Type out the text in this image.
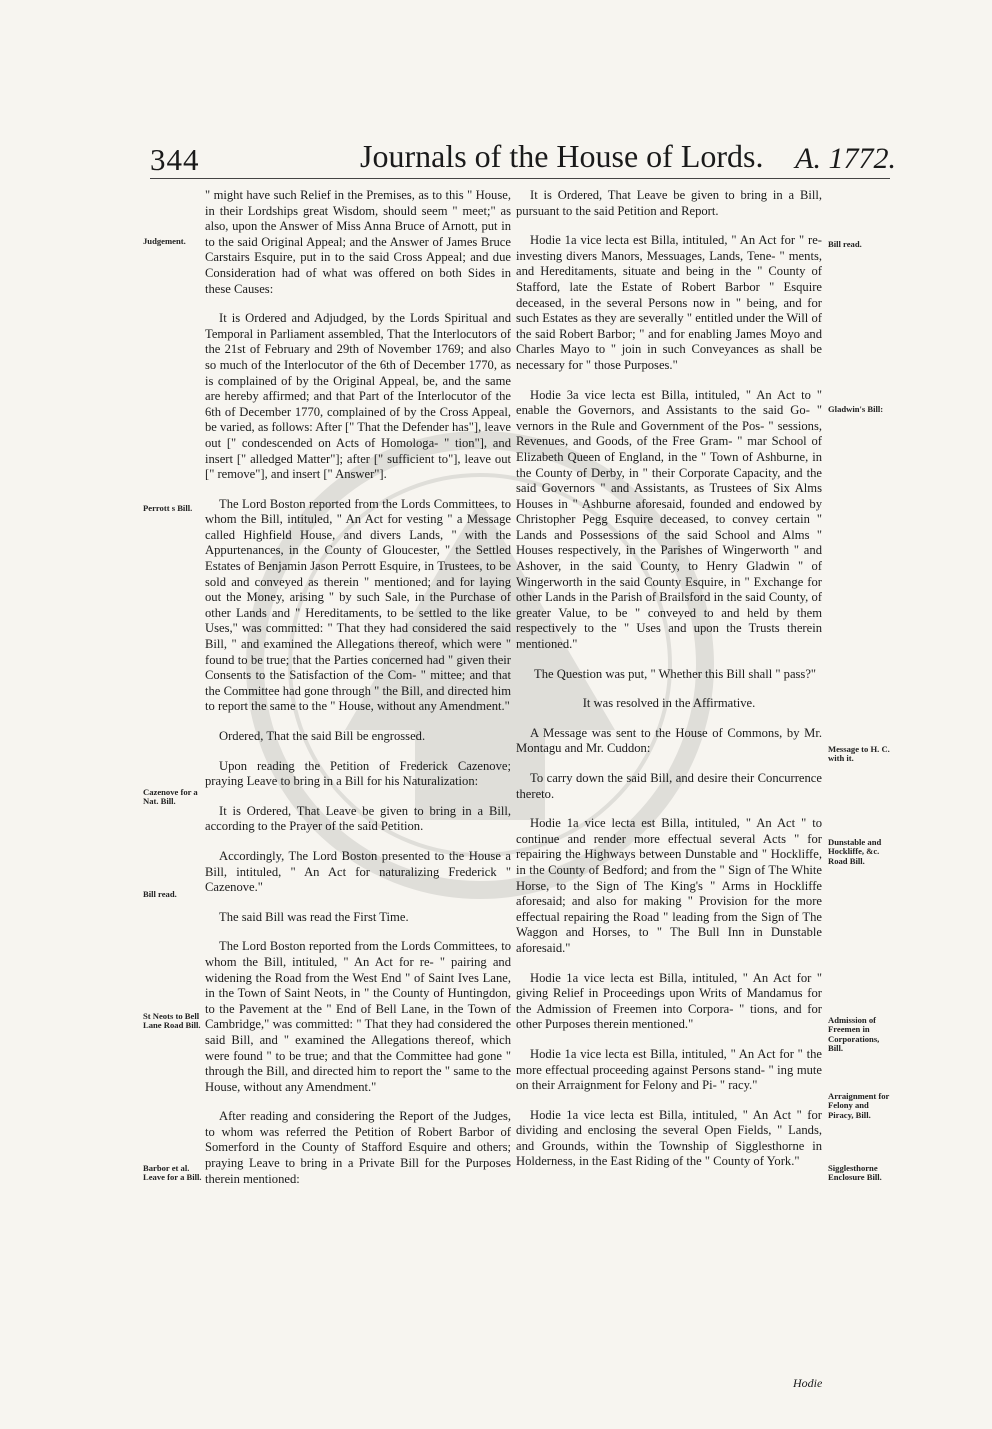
344	Journals of the House of Lords. A. 1772.
Judgement.
Perrott s Bill.
Cazenove for a Nat. Bill.
Bill read.
St Neots to Bell Lane Road Bill.
Barbor et al. Leave for a Bill.
Bill read.
Gladwin's Bill:
Message to H. C. with it.
Dunstable and Hockliffe, &c. Road Bill.
Admission of Freemen in Corporations, Bill.
Arraignment for Felony and Piracy, Bill.
Sigglesthorne Enclosure Bill.

" might have such Relief in the Premises, as to this " House, in their Lordships great Wisdom, should seem " meet;" as also, upon the Answer of Miss Anna Bruce of Arnott, put in to the said Original Appeal; and the Answer of James Bruce Carstairs Esquire, put in to the said Cross Appeal; and due Consideration had of what was offered on both Sides in these Causes:

It is Ordered and Adjudged, by the Lords Spiritual and Temporal in Parliament assembled, That the Interlocutors of the 21st of February and 29th of November 1769; and also so much of the Interlocutor of the 6th of December 1770, as is complained of by the Original Appeal, be, and the same are hereby affirmed; and that Part of the Interlocutor of the 6th of December 1770, complained of by the Cross Appeal, be varied, as follows: After [" That the Defender has"], leave out [" condescended on Acts of Homologa- " tion"], and insert [" alledged Matter"]; after [" sufficient to"], leave out [" remove"], and insert [" Answer"].

The Lord Boston reported from the Lords Committees, to whom the Bill, intituled, " An Act for vesting " a Message called Highfield House, and divers Lands, " with the Appurtenances, in the County of Gloucester, " the Settled Estates of Benjamin Jason Perrott Esquire, in Trustees, to be sold and conveyed as therein " mentioned; and for laying out the Money, arising " by such Sale, in the Purchase of other Lands and " Hereditaments, to be settled to the like Uses," was committed: " That they had considered the said Bill, " and examined the Allegations thereof, which were " found to be true; that the Parties concerned had " given their Consents to the Satisfaction of the Com- " mittee; and that the Committee had gone through " the Bill, and directed him to report the same to the " House, without any Amendment."

Ordered, That the said Bill be engrossed.

Upon reading the Petition of Frederick Cazenove; praying Leave to bring in a Bill for his Naturalization:

It is Ordered, That Leave be given to bring in a Bill, according to the Prayer of the said Petition.

Accordingly, The Lord Boston presented to the House a Bill, intituled, " An Act for naturalizing Frederick " Cazenove."

The said Bill was read the First Time.

The Lord Boston reported from the Lords Committees, to whom the Bill, intituled, " An Act for re- " pairing and widening the Road from the West End " of Saint Ives Lane, in the Town of Saint Neots, in " the County of Huntingdon, to the Pavement at the " End of Bell Lane, in the Town of Cambridge," was committed: " That they had considered the said Bill, and " examined the Allegations thereof, which were found " to be true; and that the Committee had gone " through the Bill, and directed him to report the " same to the House, without any Amendment."

After reading and considering the Report of the Judges, to whom was referred the Petition of Robert Barbor of Somerford in the County of Stafford Esquire and others; praying Leave to bring in a Private Bill for the Purposes therein mentioned:

It is Ordered, That Leave be given to bring in a Bill, pursuant to the said Petition and Report.

Hodie 1a vice lecta est Billa, intituled, " An Act for " re-investing divers Manors, Messuages, Lands, Tene- " ments, and Hereditaments, situate and being in the " County of Stafford, late the Estate of Robert Barbor " Esquire deceased, in the several Persons now in " being, and for such Estates as they are severally " entitled under the Will of the said Robert Barbor; " and for enabling James Moyo and Charles Mayo to " join in such Conveyances as shall be necessary for " those Purposes."

Hodie 3a vice lecta est Billa, intituled, " An Act to " enable the Governors, and Assistants to the said Go- " vernors in the Rule and Government of the Pos- " sessions, Revenues, and Goods, of the Free Gram- " mar School of Elizabeth Queen of England, in the " Town of Ashburne, in the County of Derby, in " their Corporate Capacity, and the said Governors " and Assistants, as Trustees of Six Alms Houses in " Ashburne aforesaid, founded and endowed by Christopher Pegg Esquire deceased, to convey certain " Lands and Possessions of the said School and Alms " Houses respectively, in the Parishes of Wingerworth " and Ashover, in the said County, to Henry Gladwin " of Wingerworth in the said County Esquire, in " Exchange for other Lands in the Parish of Brailsford in the said County, of greater Value, to be " conveyed to and held by them respectively to the " Uses and upon the Trusts therein mentioned."

The Question was put, " Whether this Bill shall " pass?"

It was resolved in the Affirmative.

A Message was sent to the House of Commons, by Mr. Montagu and Mr. Cuddon:

To carry down the said Bill, and desire their Concurrence thereto.

Hodie 1a vice lecta est Billa, intituled, " An Act " to continue and render more effectual several Acts " for repairing the Highways between Dunstable and " Hockliffe, in the County of Bedford; and from the " Sign of The White Horse, to the Sign of The King's " Arms in Hockliffe aforesaid; and also for making " Provision for the more effectual repairing the Road " leading from the Sign of The Waggon and Horses, to " The Bull Inn in Dunstable aforesaid."

Hodie 1a vice lecta est Billa, intituled, " An Act for " giving Relief in Proceedings upon Writs of Mandamus for the Admission of Freemen into Corpora- " tions, and for other Purposes therein mentioned."

Hodie 1a vice lecta est Billa, intituled, " An Act for " the more effectual proceeding against Persons stand- " ing mute on their Arraignment for Felony and Pi- " racy."

Hodie 1a vice lecta est Billa, intituled, " An Act " for dividing and enclosing the several Open Fields, " Lands, and Grounds, within the Township of Sigglesthorne in Holderness, in the East Riding of the " County of York."

Hodie
